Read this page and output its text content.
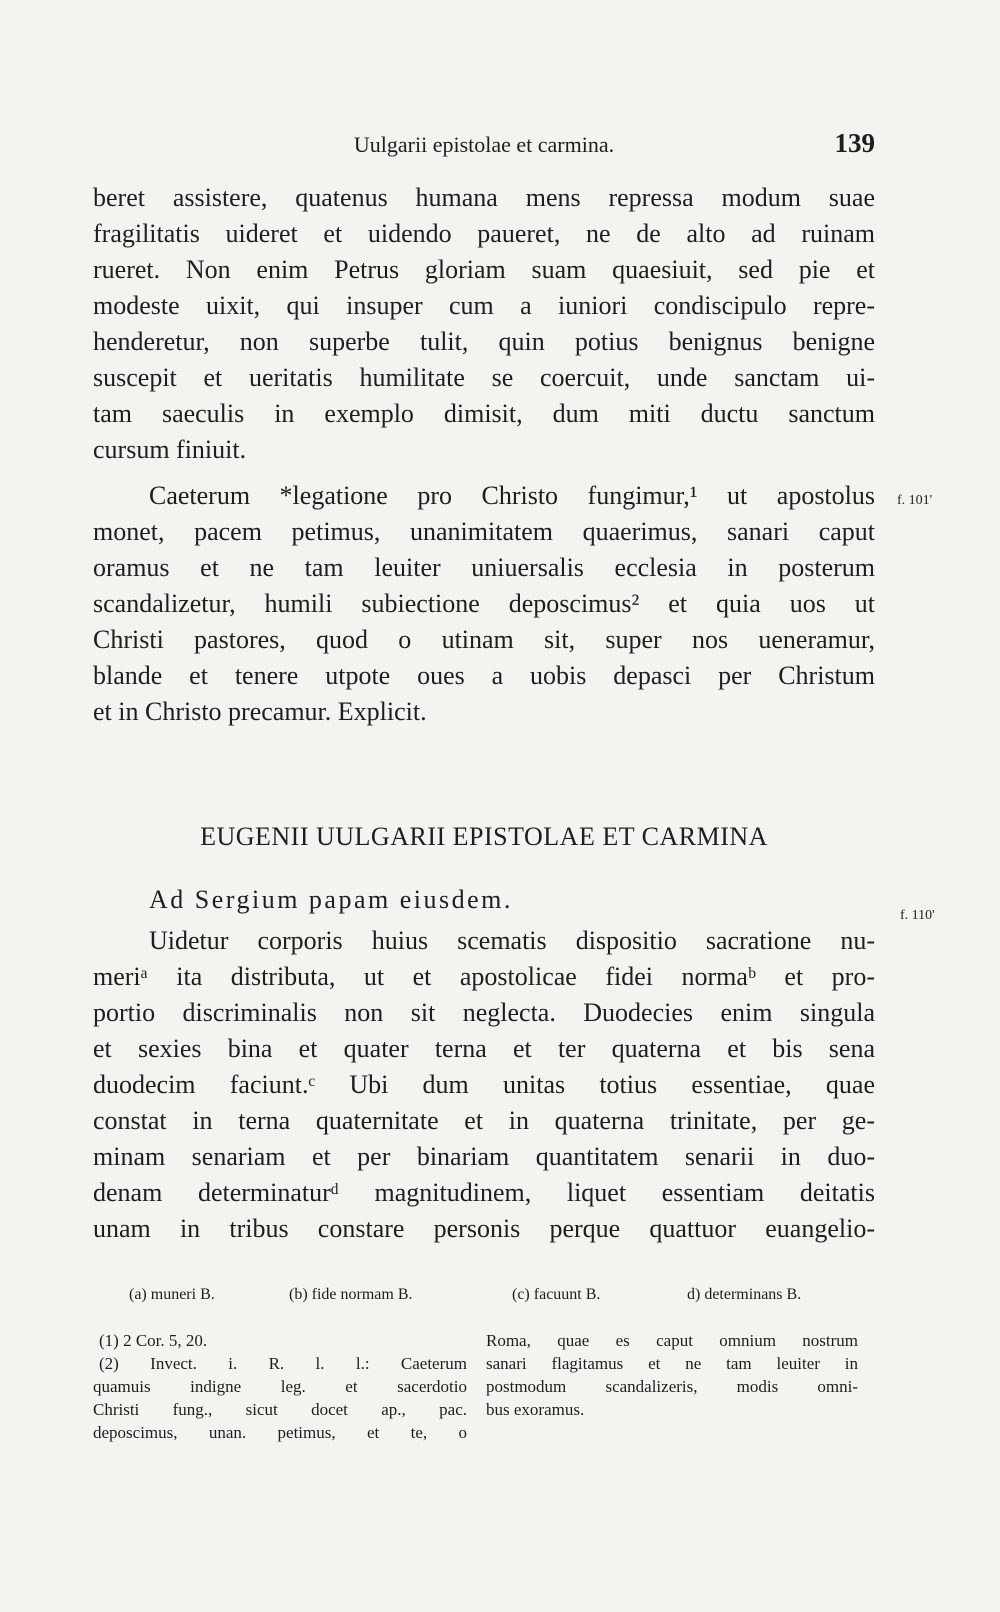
Uulgarii epistolae et carmina.	139
beret assistere, quatenus humana mens repressa modum suae
fragilitatis uideret et uidendo paueret, ne de alto ad ruinam
rueret. Non enim Petrus gloriam suam quaesiuit, sed pie et
modeste uixit, qui insuper cum a iuniori condiscipulo repre-
henderetur, non superbe tulit, quin potius benignus benigne
suscepit et ueritatis humilitate se coercuit, unde sanctam ui-
tam saeculis in exemplo dimisit, dum miti ductu sanctum
cursum finiuit.
Caeterum *legatione pro Christo fungimur,¹ ut apostolus
monet, pacem petimus, unanimitatem quaerimus, sanari caput
oramus et ne tam leuiter uniuersalis ecclesia in posterum
scandalizetur, humili subiectione deposcimus² et quia uos ut
Christi pastores, quod o utinam sit, super nos ueneramur,
blande et tenere utpote oues a uobis depasci per Christum
et in Christo precamur. Explicit.
f. 101'
EUGENII UULGARII EPISTOLAE ET CARMINA
Ad Sergium papam eiusdem.
f. 110'
Uidetur corporis huius scematis dispositio sacratione nu-
meriᵃ ita distributa, ut et apostolicae fidei normaᵇ et pro-
portio discriminalis non sit neglecta. Duodecies enim singula
et sexies bina et quater terna et ter quaterna et bis sena
duodecim faciunt.ᶜ Ubi dum unitas totius essentiae, quae
constat in terna quaternitate et in quaterna trinitate, per ge-
minam senariam et per binariam quantitatem senarii in duo-
denam determinaturᵈ magnitudinem, liquet essentiam deitatis
unam in tribus constare personis perque quattuor euangelio-
(a) muneri B.	(b) fide normam B.	(c) facuunt B.	d) determinans B.
(1) 2 Cor. 5, 20.
(2) Invect. i. R. l. l.: Caeterum
quamuis indigne leg. et sacerdotio
Christi fung., sicut docet ap., pac.
deposcimus, unan. petimus, et te, o
Roma, quae es caput omnium nostrum
sanari flagitamus et ne tam leuiter in
postmodum scandalizeris, modis omni-
bus exoramus.
